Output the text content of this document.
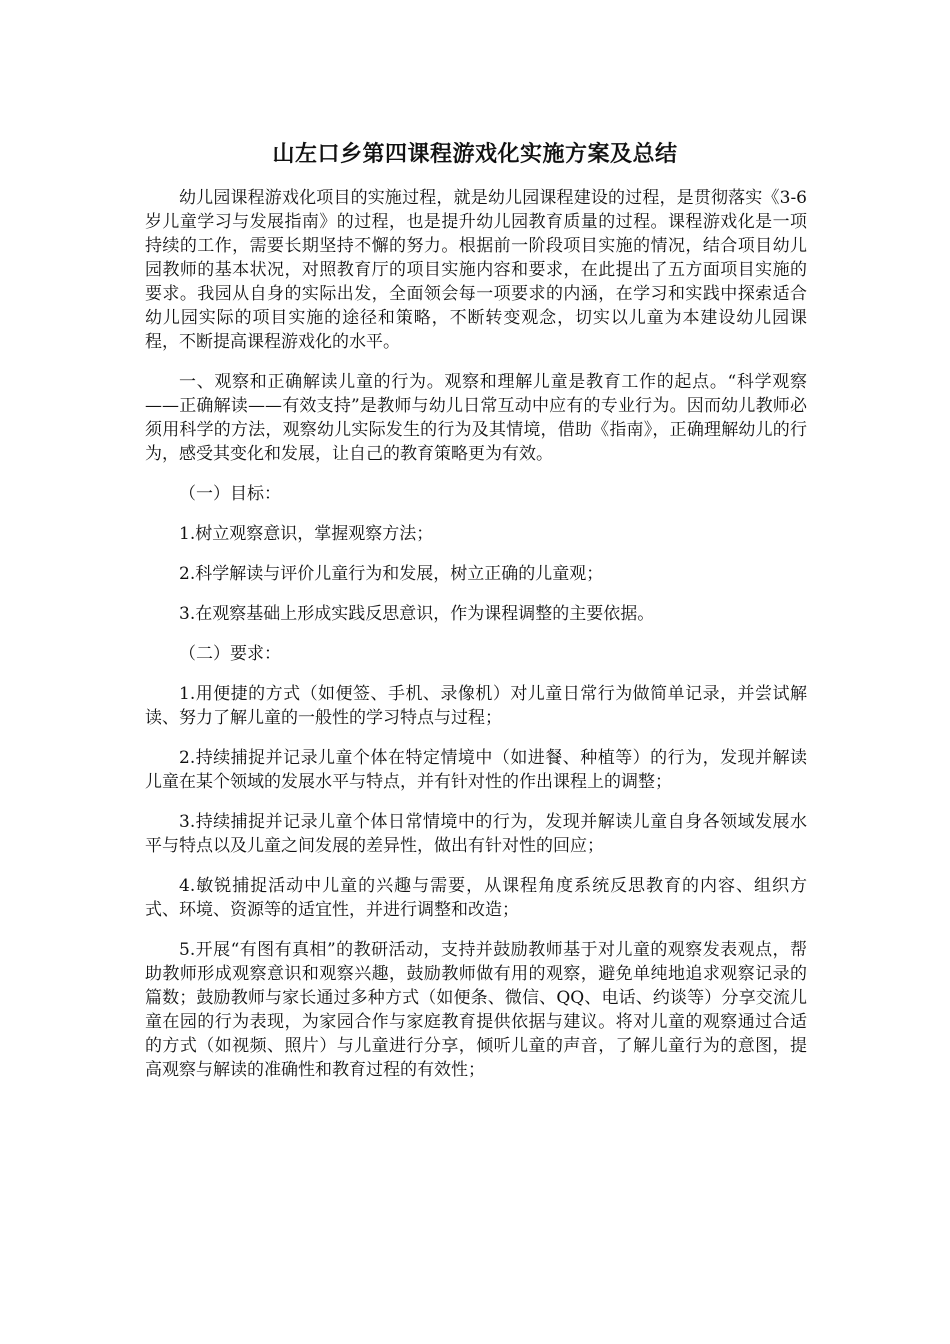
山左口乡第四课程游戏化实施方案及总结

幼儿园课程游戏化项目的实施过程，就是幼儿园课程建设的过程，是贯彻落实《3-6岁儿童学习与发展指南》的过程，也是提升幼儿园教育质量的过程。课程游戏化是一项持续的工作，需要长期坚持不懈的努力。根据前一阶段项目实施的情况，结合项目幼儿园教师的基本状况，对照教育厅的项目实施内容和要求，在此提出了五方面项目实施的要求。我园从自身的实际出发，全面领会每一项要求的内涵，在学习和实践中探索适合幼儿园实际的项目实施的途径和策略，不断转变观念，切实以儿童为本建设幼儿园课程，不断提高课程游戏化的水平。

一、观察和正确解读儿童的行为。观察和理解儿童是教育工作的起点。“科学观察——正确解读——有效支持”是教师与幼儿日常互动中应有的专业行为。因而幼儿教师必须用科学的方法，观察幼儿实际发生的行为及其情境，借助《指南》，正确理解幼儿的行为，感受其变化和发展，让自己的教育策略更为有效。

（一）目标：

1.树立观察意识，掌握观察方法；

2.科学解读与评价儿童行为和发展，树立正确的儿童观；

3.在观察基础上形成实践反思意识，作为课程调整的主要依据。

（二）要求：

1.用便捷的方式（如便签、手机、录像机）对儿童日常行为做简单记录，并尝试解读、努力了解儿童的一般性的学习特点与过程；

2.持续捕捉并记录儿童个体在特定情境中（如进餐、种植等）的行为，发现并解读儿童在某个领域的发展水平与特点，并有针对性的作出课程上的调整；

3.持续捕捉并记录儿童个体日常情境中的行为，发现并解读儿童自身各领域发展水平与特点以及儿童之间发展的差异性，做出有针对性的回应；

4.敏锐捕捉活动中儿童的兴趣与需要，从课程角度系统反思教育的内容、组织方式、环境、资源等的适宜性，并进行调整和改造；

5.开展“有图有真相”的教研活动，支持并鼓励教师基于对儿童的观察发表观点，帮助教师形成观察意识和观察兴趣，鼓励教师做有用的观察，避免单纯地追求观察记录的篇数；鼓励教师与家长通过多种方式（如便条、微信、QQ、电话、约谈等）分享交流儿童在园的行为表现，为家园合作与家庭教育提供依据与建议。将对儿童的观察通过合适的方式（如视频、照片）与儿童进行分享，倾听儿童的声音，了解儿童行为的意图，提高观察与解读的准确性和教育过程的有效性；
